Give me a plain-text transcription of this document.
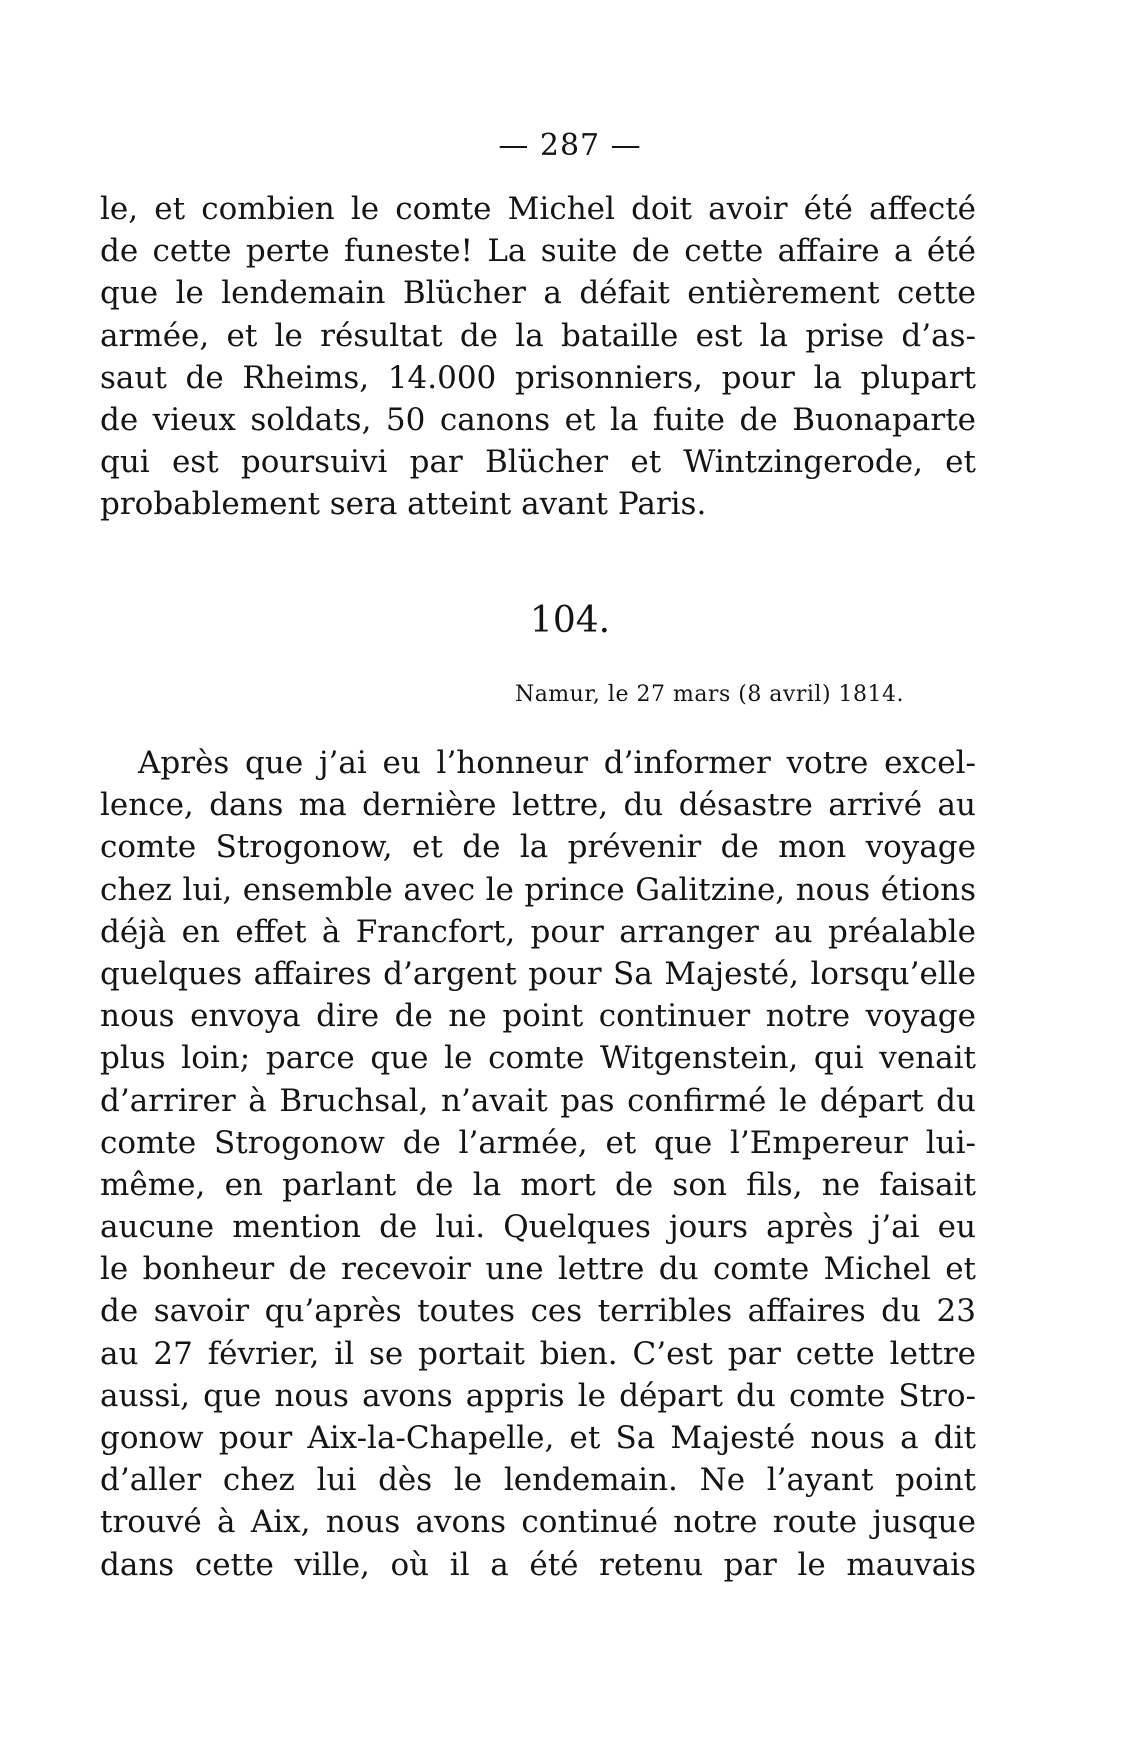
— 287 —
le, et combien le comte Michel doit avoir été affecté
de cette perte funeste! La suite de cette affaire a été
que le lendemain Blücher a défait entièrement cette
armée, et le résultat de la bataille est la prise d’as-
saut de Rheims, 14.000 prisonniers, pour la plupart
de vieux soldats, 50 canons et la fuite de Buonaparte
qui est poursuivi par Blücher et Wintzingerode, et
probablement sera atteint avant Paris.
104.
Namur, le 27 mars (8 avril) 1814.
Après que j’ai eu l’honneur d’informer votre excel-
lence, dans ma dernière lettre, du désastre arrivé au
comte Strogonow, et de la prévenir de mon voyage
chez lui, ensemble avec le prince Galitzine, nous étions
déjà en effet à Francfort, pour arranger au préalable
quelques affaires d’argent pour Sa Majesté, lorsqu’elle
nous envoya dire de ne point continuer notre voyage
plus loin; parce que le comte Witgenstein, qui venait
d’arrirer à Bruchsal, n’avait pas confirmé le départ du
comte Strogonow de l’armée, et que l’Empereur lui-
même, en parlant de la mort de son fils, ne faisait
aucune mention de lui. Quelques jours après j’ai eu
le bonheur de recevoir une lettre du comte Michel et
de savoir qu’après toutes ces terribles affaires du 23
au 27 février, il se portait bien. C’est par cette lettre
aussi, que nous avons appris le départ du comte Stro-
gonow pour Aix-la-Chapelle, et Sa Majesté nous a dit
d’aller chez lui dès le lendemain. Ne l’ayant point
trouvé à Aix, nous avons continué notre route jusque
dans cette ville, où il a été retenu par le mauvais
